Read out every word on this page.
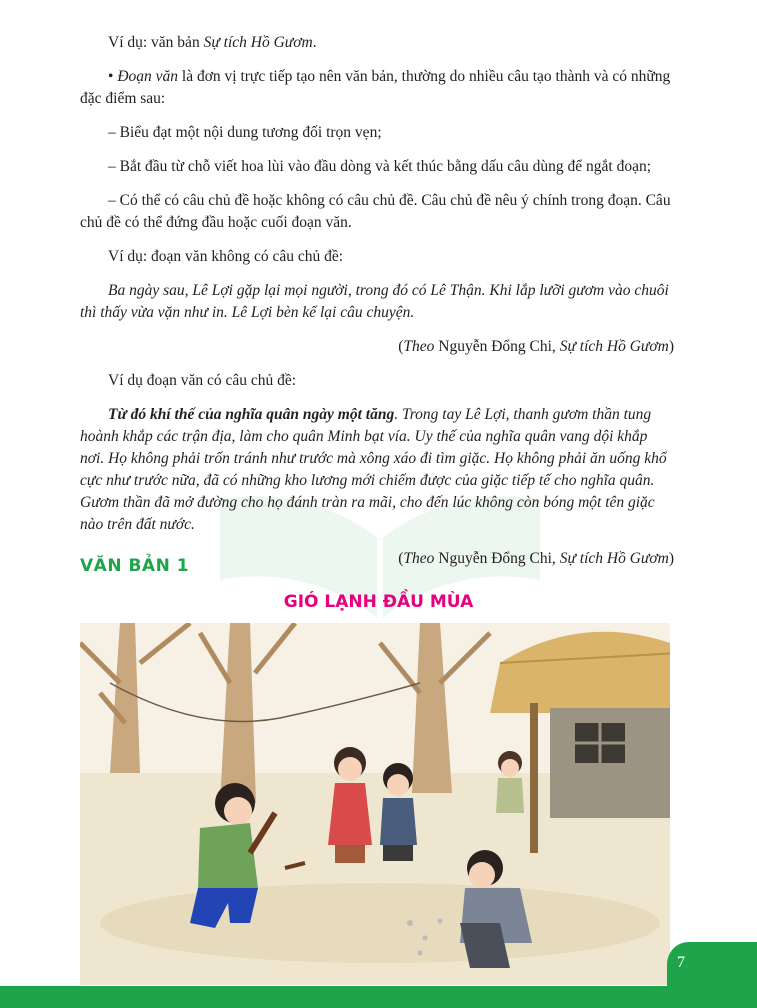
Ví dụ: văn bản Sự tích Hồ Gươm.

• Đoạn văn là đơn vị trực tiếp tạo nên văn bản, thường do nhiều câu tạo thành và có những đặc điểm sau:

– Biểu đạt một nội dung tương đối trọn vẹn;

– Bắt đầu từ chỗ viết hoa lùi vào đầu dòng và kết thúc bằng dấu câu dùng để ngắt đoạn;

– Có thể có câu chủ đề hoặc không có câu chủ đề. Câu chủ đề nêu ý chính trong đoạn. Câu chủ đề có thể đứng đầu hoặc cuối đoạn văn.

Ví dụ: đoạn văn không có câu chủ đề:

Ba ngày sau, Lê Lợi gặp lại mọi người, trong đó có Lê Thận. Khi lắp lưỡi gươm vào chuôi thì thấy vừa vặn như in. Lê Lợi bèn kể lại câu chuyện.

(Theo Nguyễn Đổng Chi, Sự tích Hồ Gươm)

Ví dụ đoạn văn có câu chủ đề:

Từ đó khí thế của nghĩa quân ngày một tăng. Trong tay Lê Lợi, thanh gươm thần tung hoành khắp các trận địa, làm cho quân Minh bạt vía. Uy thế của nghĩa quân vang dội khắp nơi. Họ không phải trốn tránh như trước mà xông xáo đi tìm giặc. Họ không phải ăn uống khổ cực như trước nữa, đã có những kho lương mới chiếm được của giặc tiếp tế cho nghĩa quân. Gươm thần đã mở đường cho họ đánh tràn ra mãi, cho đến lúc không còn bóng một tên giặc nào trên đất nước.

(Theo Nguyễn Đổng Chi, Sự tích Hồ Gươm)

VĂN BẢN 1
GIÓ LẠNH ĐẦU MÙA
7
